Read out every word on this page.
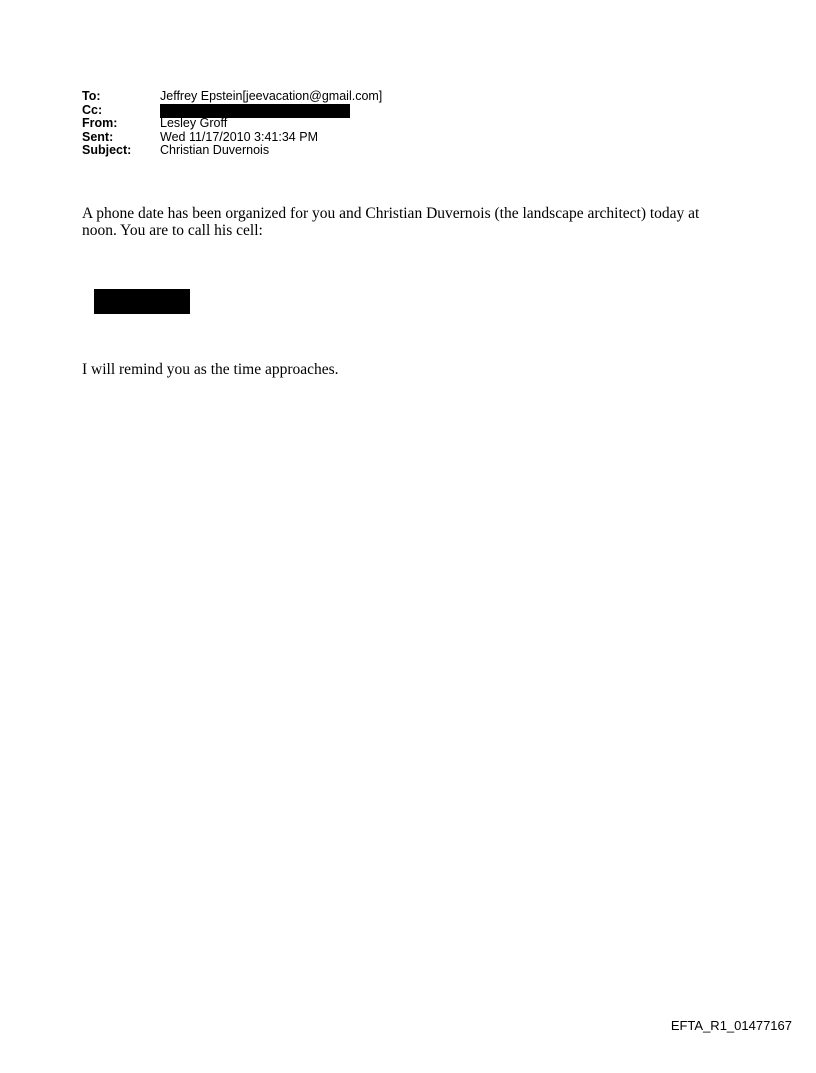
To:	Jeffrey Epstein[jeevacation@gmail.com]
Cc:
From:	Lesley Groff
Sent:	Wed 11/17/2010 3:41:34 PM
Subject:	Christian Duvernois
A phone date has been organized for you and Christian Duvernois (the landscape architect) today at noon. You are to call his cell:
I will remind you as the time approaches.
EFTA_R1_01477167
